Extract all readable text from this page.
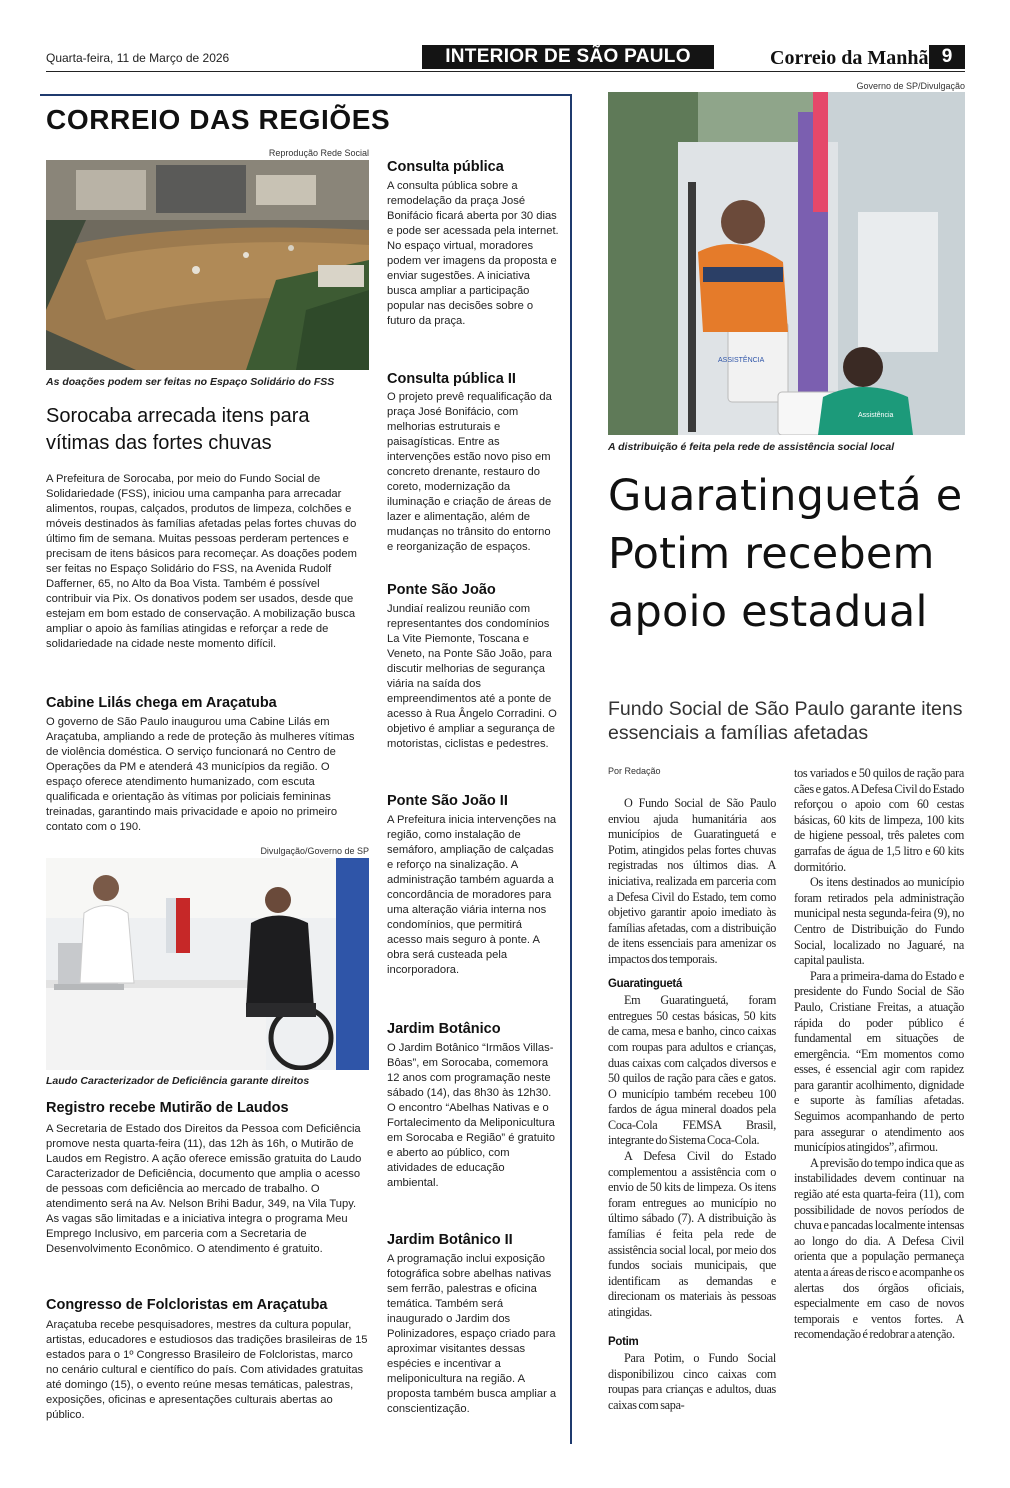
Quarta-feira, 11 de Março de 2026	INTERIOR DE SÃO PAULO	Correio da Manhã 9
CORREIO DAS REGIÕES
Reprodução Rede Social
As doações podem ser feitas no Espaço Solidário do FSS
Sorocaba arrecada itens para vítimas das fortes chuvas
A Prefeitura de Sorocaba, por meio do Fundo Social de Solidariedade (FSS), iniciou uma campanha para arrecadar alimentos, roupas, calçados, produtos de limpeza, colchões e móveis destinados às famílias afetadas pelas fortes chuvas do último fim de semana. Muitas pessoas perderam pertences e precisam de itens básicos para recomeçar. As doações podem ser feitas no Espaço Solidário do FSS, na Avenida Rudolf Dafferner, 65, no Alto da Boa Vista. Também é possível contribuir via Pix. Os donativos podem ser usados, desde que estejam em bom estado de conservação. A mobilização busca ampliar o apoio às famílias atingidas e reforçar a rede de solidariedade na cidade neste momento difícil.
Cabine Lilás chega em Araçatuba
O governo de São Paulo inaugurou uma Cabine Lilás em Araçatuba, ampliando a rede de proteção às mulheres vítimas de violência doméstica. O serviço funcionará no Centro de Operações da PM e atenderá 43 municípios da região. O espaço oferece atendimento humanizado, com escuta qualificada e orientação às vítimas por policiais femininas treinadas, garantindo mais privacidade e apoio no primeiro contato com o 190.
Divulgação/Governo de SP
Laudo Caracterizador de Deficiência garante direitos
Registro recebe Mutirão de Laudos
A Secretaria de Estado dos Direitos da Pessoa com Deficiência promove nesta quarta-feira (11), das 12h às 16h, o Mutirão de Laudos em Registro. A ação oferece emissão gratuita do Laudo Caracterizador de Deficiência, documento que amplia o acesso de pessoas com deficiência ao mercado de trabalho. O atendimento será na Av. Nelson Brihi Badur, 349, na Vila Tupy. As vagas são limitadas e a iniciativa integra o programa Meu Emprego Inclusivo, em parceria com a Secretaria de Desenvolvimento Econômico. O atendimento é gratuito.
Congresso de Folcloristas em Araçatuba
Araçatuba recebe pesquisadores, mestres da cultura popular, artistas, educadores e estudiosos das tradições brasileiras de 15 estados para o 1º Congresso Brasileiro de Folcloristas, marco no cenário cultural e científico do país. Com atividades gratuitas até domingo (15), o evento reúne mesas temáticas, palestras, exposições, oficinas e apresentações culturais abertas ao público.
Consulta pública
A consulta pública sobre a remodelação da praça José Bonifácio ficará aberta por 30 dias e pode ser acessada pela internet. No espaço virtual, moradores podem ver imagens da proposta e enviar sugestões. A iniciativa busca ampliar a participação popular nas decisões sobre o futuro da praça.
Consulta pública II
O projeto prevê requalificação da praça José Bonifácio, com melhorias estruturais e paisagísticas. Entre as intervenções estão novo piso em concreto drenante, restauro do coreto, modernização da iluminação e criação de áreas de lazer e alimentação, além de mudanças no trânsito do entorno e reorganização de espaços.
Ponte São João
Jundiaí realizou reunião com representantes dos condomínios La Vite Piemonte, Toscana e Veneto, na Ponte São João, para discutir melhorias de segurança viária na saída dos empreendimentos até a ponte de acesso à Rua Ângelo Corradini. O objetivo é ampliar a segurança de motoristas, ciclistas e pedestres.
Ponte São João II
A Prefeitura inicia intervenções na região, como instalação de semáforo, ampliação de calçadas e reforço na sinalização. A administração também aguarda a concordância de moradores para uma alteração viária interna nos condomínios, que permitirá acesso mais seguro à ponte. A obra será custeada pela incorporadora.
Jardim Botânico
O Jardim Botânico “Irmãos Villas-Bôas”, em Sorocaba, comemora 12 anos com programação neste sábado (14), das 8h30 às 12h30. O encontro “Abelhas Nativas e o Fortalecimento da Meliponicultura em Sorocaba e Região” é gratuito e aberto ao público, com atividades de educação ambiental.
Jardim Botânico II
A programação inclui exposição fotográfica sobre abelhas nativas sem ferrão, palestras e oficina temática. Também será inaugurado o Jardim dos Polinizadores, espaço criado para aproximar visitantes dessas espécies e incentivar a meliponicultura na região. A proposta também busca ampliar a conscientização.
Governo de SP/Divulgação
ASSISTÊNCIA
Assistência
A distribuição é feita pela rede de assistência social local
Guaratinguetá e Potim recebem apoio estadual
Fundo Social de São Paulo garante itens essenciais a famílias afetadas
Por Redação

O Fundo Social de São Paulo enviou ajuda humanitária aos municípios de Guaratinguetá e Potim, atingidos pelas fortes chuvas registradas nos últimos dias. A iniciativa, realizada em parceria com a Defesa Civil do Estado, tem como objetivo garantir apoio imediato às famílias afetadas, com a distribuição de itens essenciais para amenizar os impactos dos temporais.

Guaratinguetá

Em Guaratinguetá, foram entregues 50 cestas básicas, 50 kits de cama, mesa e banho, cinco caixas com roupas para adultos e crianças, duas caixas com calçados diversos e 50 quilos de ração para cães e gatos. O município também recebeu 100 fardos de água mineral doados pela Coca-Cola FEMSA Brasil, integrante do Sistema Coca-Cola.

A Defesa Civil do Estado complementou a assistência com o envio de 50 kits de limpeza. Os itens foram entregues ao município no último sábado (7). A distribuição às famílias é feita pela rede de assistência social local, por meio dos fundos sociais municipais, que identificam as demandas e direcionam os materiais às pessoas atingidas.

Potim

Para Potim, o Fundo Social disponibilizou cinco caixas com roupas para crianças e adultos, duas caixas com sapa-

tos variados e 50 quilos de ração para cães e gatos. A Defesa Civil do Estado reforçou o apoio com 60 cestas básicas, 60 kits de limpeza, 100 kits de higiene pessoal, três paletes com garrafas de água de 1,5 litro e 60 kits dormitório.

Os itens destinados ao município foram retirados pela administração municipal nesta segunda-feira (9), no Centro de Distribuição do Fundo Social, localizado no Jaguaré, na capital paulista.

Para a primeira-dama do Estado e presidente do Fundo Social de São Paulo, Cristiane Freitas, a atuação rápida do poder público é fundamental em situações de emergência. “Em momentos como esses, é essencial agir com rapidez para garantir acolhimento, dignidade e suporte às famílias afetadas. Seguimos acompanhando de perto para assegurar o atendimento aos municípios atingidos”, afirmou.

A previsão do tempo indica que as instabilidades devem continuar na região até esta quarta-feira (11), com possibilidade de novos períodos de chuva e pancadas localmente intensas ao longo do dia. A Defesa Civil orienta que a população permaneça atenta a áreas de risco e acompanhe os alertas dos órgãos oficiais, especialmente em caso de novos temporais e ventos fortes. A recomendação é redobrar a atenção.
